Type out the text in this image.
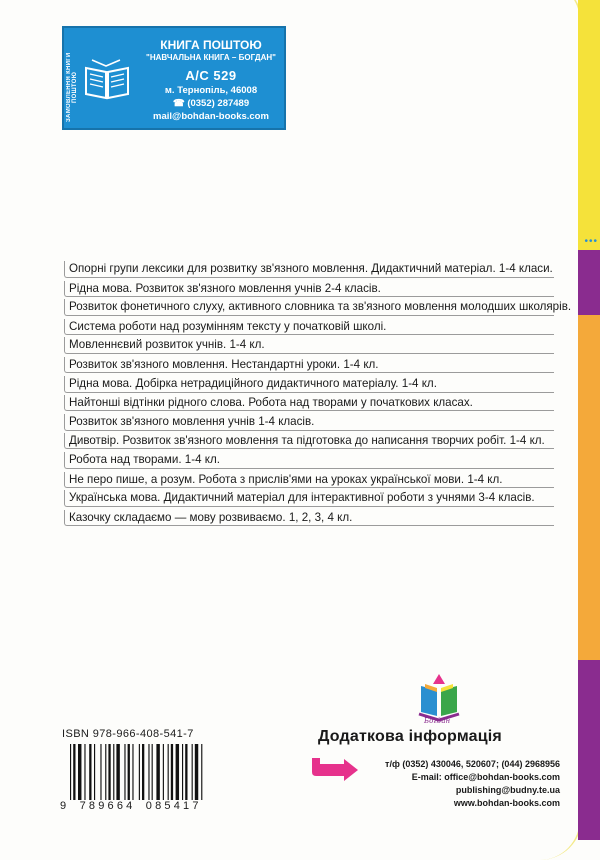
•••
ЗАМОВЛЕННЯ КНИГИ ПОШТОЮ
КНИГА ПОШТОЮ
"НАВЧАЛЬНА КНИГА – БОГДАН"
А/С 529
м. Тернопіль, 46008
☎ (0352) 287489
mail@bohdan-books.com
Опорні групи лексики для розвитку зв'язного мовлення. Дидактичний матеріал. 1-4 класи.
Рідна мова. Розвиток зв'язного мовлення учнів 2-4 класів.
Розвиток фонетичного слуху, активного словника та зв'язного мовлення молодших школярів.
Система роботи над розумінням тексту у початковій школі.
Мовленнєвий розвиток учнів. 1-4 кл.
Розвиток зв'язного мовлення. Нестандартні уроки. 1-4 кл.
Рідна мова. Добірка нетрадиційного дидактичного матеріалу. 1-4 кл.
Найтонші відтінки рідного слова. Робота над творами у початкових класах.
Розвиток зв'язного мовлення учнів 1-4 класів.
Дивотвір. Розвиток зв'язного мовлення та підготовка до написання творчих робіт. 1-4 кл.
Робота над творами. 1-4 кл.
Не перо пише, а розум. Робота з прислів'ями на уроках української мови. 1-4 кл.
Українська мова. Дидактичний матеріал для інтерактивної роботи з учнями 3-4 класів.
Казочку складаємо — мову розвиваємо. 1, 2, 3, 4 кл.
Богдан
ISBN 978-966-408-541-7
9 789664 085417
Додаткова інформація
т/ф (0352) 430046, 520607; (044) 2968956
E-mail: office@bohdan-books.com
publishing@budny.te.ua
www.bohdan-books.com
